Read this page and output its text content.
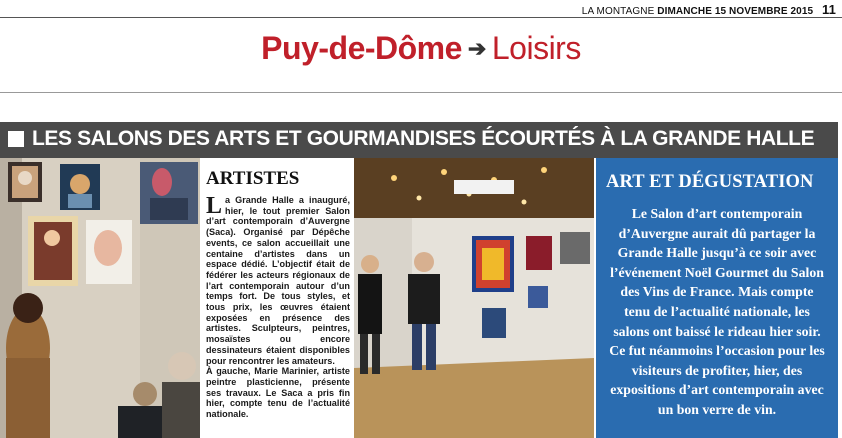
LA MONTAGNE DIMANCHE 15 NOVEMBRE 2015 11
Puy-de-Dôme ➔ Loisirs
LES SALONS DES ARTS ET GOURMANDISES ÉCOURTÉS À LA GRANDE HALLE
ARTISTES

La Grande Halle a inauguré, hier, le tout premier Salon d’art contemporain d’Auvergne (Saca). Organisé par Dépêche events, ce salon accueillait une centaine d’artistes dans un espace dédié. L’objectif était de fédérer les acteurs régionaux de l’art contemporain autour d’un temps fort. De tous styles, et tous prix, les œuvres étaient exposées en présence des artistes. Sculpteurs, peintres, mosaïstes ou encore dessinateurs étaient disponibles pour rencontrer les amateurs.

À gauche, Marie Marinier, artiste peintre plasticienne, présente ses travaux. Le Saca a pris fin hier, compte tenu de l’actualité nationale.

ART ET DÉGUSTATION
Le Salon d’art contemporain d’Auvergne aurait dû partager la Grande Halle jusqu’à ce soir avec l’événement Noël Gourmet du Salon des Vins de France. Mais compte tenu de l’actualité nationale, les salons ont baissé le rideau hier soir. Ce fut néanmoins l’occasion pour les visiteurs de profiter, hier, des expositions d’art contemporain avec un bon verre de vin.
